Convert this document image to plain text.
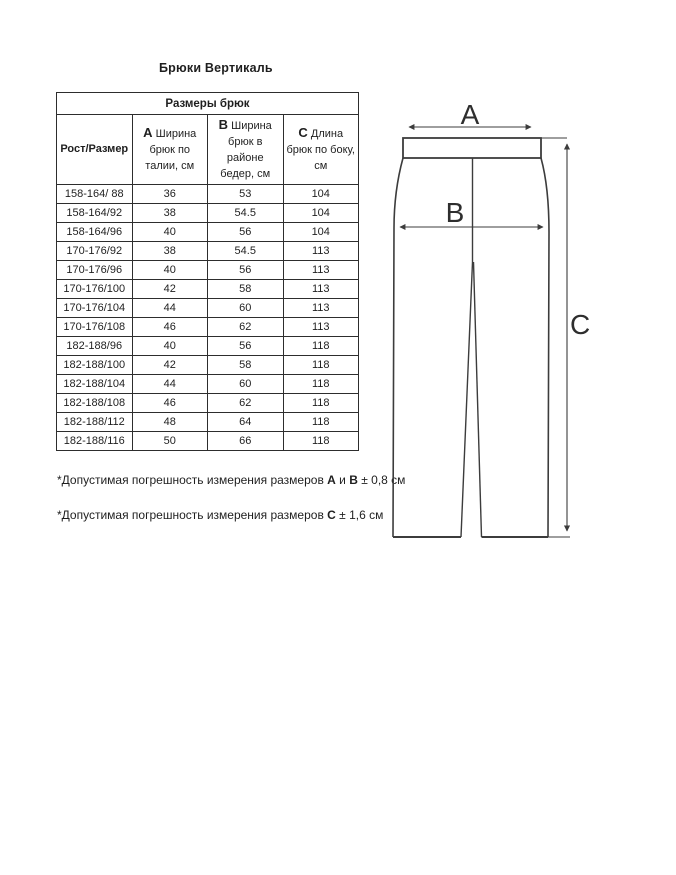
Брюки Вертикаль
Размеры брюк			
Рост/Размер	A Ширина брюк по талии, см	B Ширина брюк в районе бедер, см	C Длина брюк по боку, см
158-164/ 88	36	53	104
158-164/92	38	54.5	104
158-164/96	40	56	104
170-176/92	38	54.5	113
170-176/96	40	56	113
170-176/100	42	58	113
170-176/104	44	60	113
170-176/108	46	62	113
182-188/96	40	56	118
182-188/100	42	58	118
182-188/104	44	60	118
182-188/108	46	62	118
182-188/112	48	64	118
182-188/116	50	66	118

*Допустимая погрешность измерения размеров А и В ± 0,8 см

*Допустимая погрешность измерения размеров С ± 1,6 см

A
B
C
